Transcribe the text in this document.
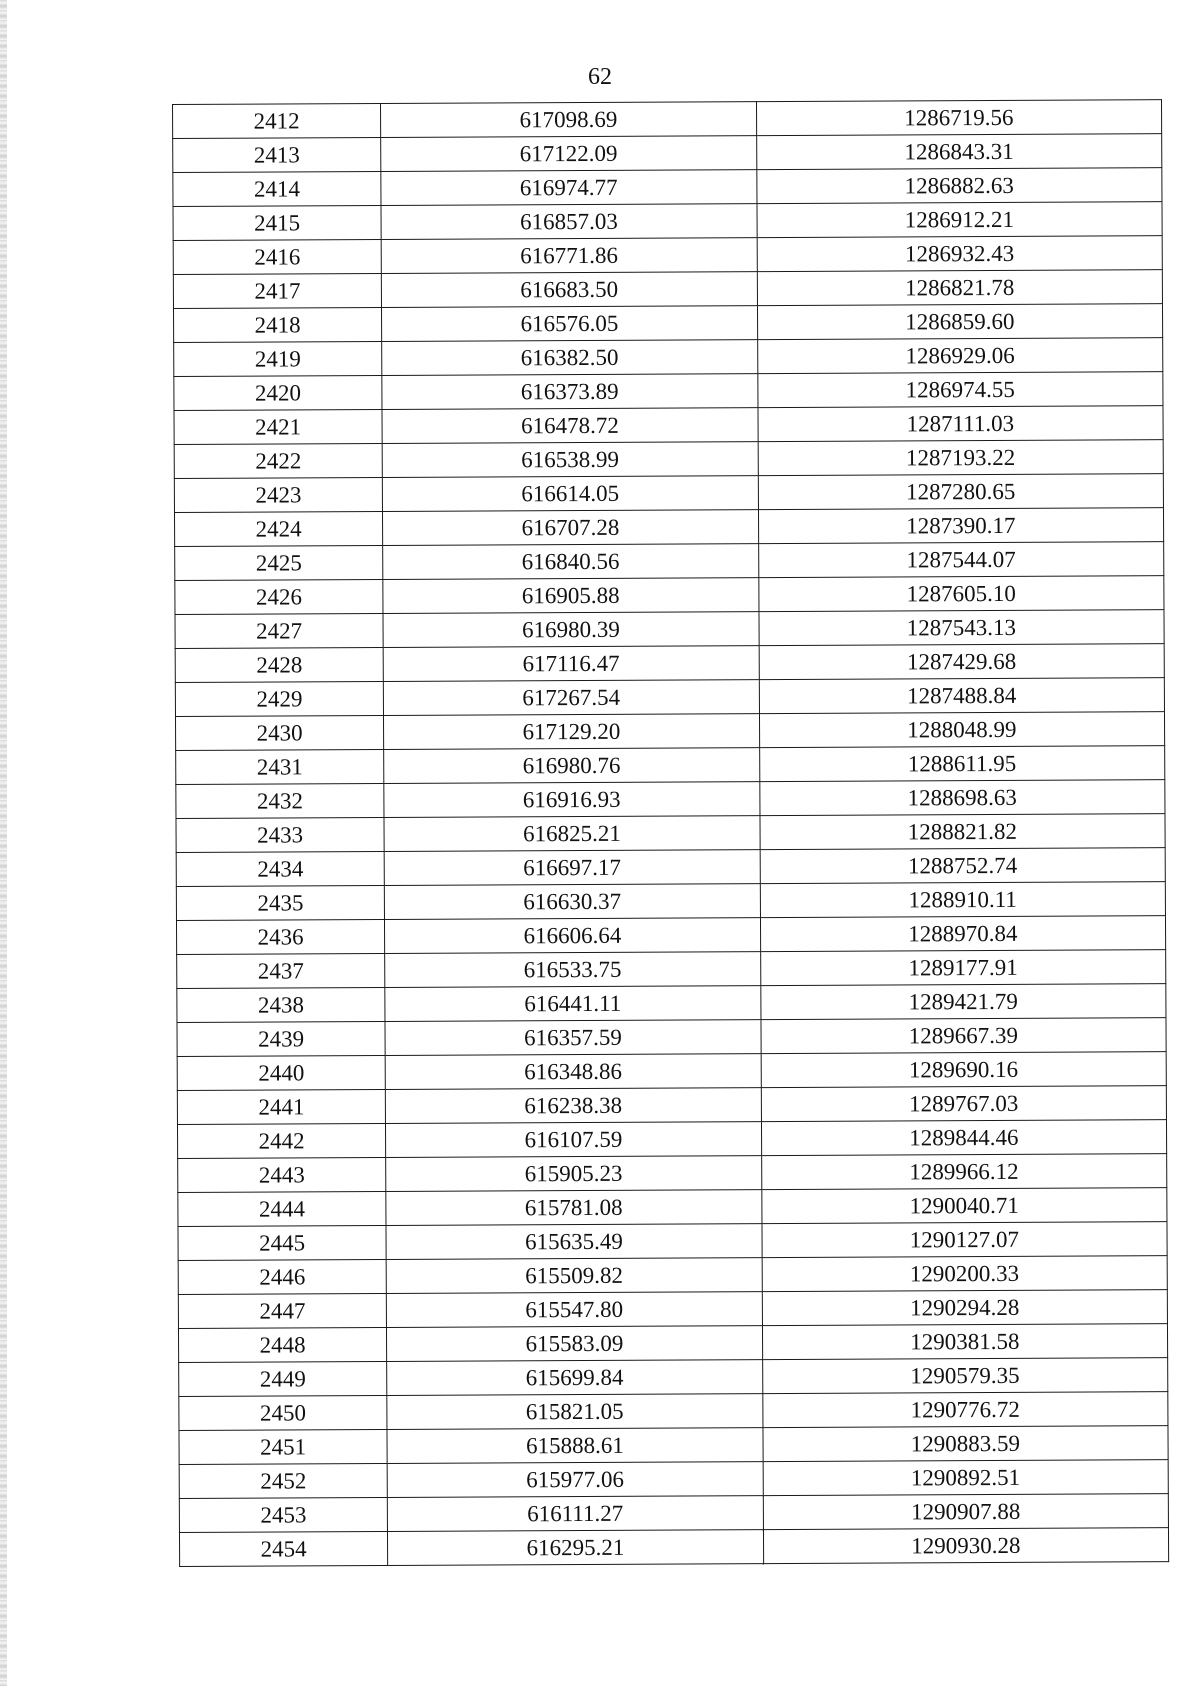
62
2412	617098.69	1286719.56
2413	617122.09	1286843.31
2414	616974.77	1286882.63
2415	616857.03	1286912.21
2416	616771.86	1286932.43
2417	616683.50	1286821.78
2418	616576.05	1286859.60
2419	616382.50	1286929.06
2420	616373.89	1286974.55
2421	616478.72	1287111.03
2422	616538.99	1287193.22
2423	616614.05	1287280.65
2424	616707.28	1287390.17
2425	616840.56	1287544.07
2426	616905.88	1287605.10
2427	616980.39	1287543.13
2428	617116.47	1287429.68
2429	617267.54	1287488.84
2430	617129.20	1288048.99
2431	616980.76	1288611.95
2432	616916.93	1288698.63
2433	616825.21	1288821.82
2434	616697.17	1288752.74
2435	616630.37	1288910.11
2436	616606.64	1288970.84
2437	616533.75	1289177.91
2438	616441.11	1289421.79
2439	616357.59	1289667.39
2440	616348.86	1289690.16
2441	616238.38	1289767.03
2442	616107.59	1289844.46
2443	615905.23	1289966.12
2444	615781.08	1290040.71
2445	615635.49	1290127.07
2446	615509.82	1290200.33
2447	615547.80	1290294.28
2448	615583.09	1290381.58
2449	615699.84	1290579.35
2450	615821.05	1290776.72
2451	615888.61	1290883.59
2452	615977.06	1290892.51
2453	616111.27	1290907.88
2454	616295.21	1290930.28
